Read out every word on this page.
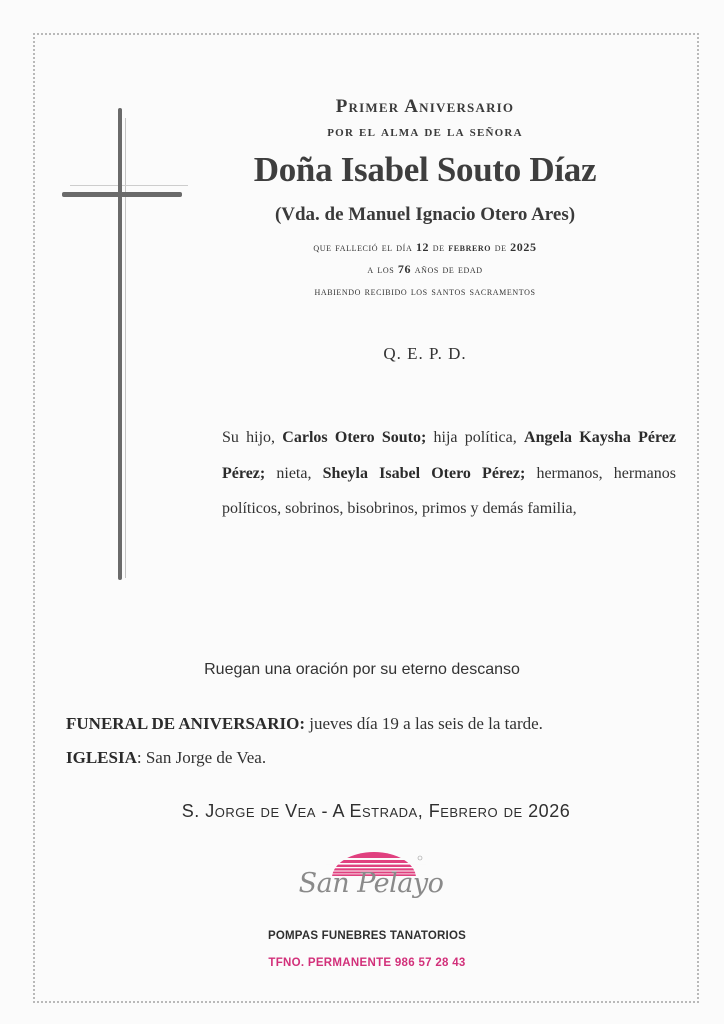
Primer Aniversario
por el alma de la señora
Doña Isabel Souto Díaz
(Vda. de Manuel Ignacio Otero Ares)
que falleció el día 12 de febrero de 2025
a los 76 años de edad
habiendo recibido los santos sacramentos
Q. E. P. D.
Su hijo, Carlos Otero Souto; hija política, Angela Kaysha Pérez Pérez; nieta, Sheyla Isabel Otero Pérez; hermanos, hermanos políticos, sobrinos, bisobrinos, primos y demás familia,
Ruegan una oración por su eterno descanso
FUNERAL DE ANIVERSARIO: jueves día 19 a las seis de la tarde.
IGLESIA: San Jorge de Vea.
S. Jorge de Vea - A Estrada, Febrero de 2026
San Pelayo
POMPAS FUNEBRES TANATORIOS
TFNO. PERMANENTE 986 57 28 43
